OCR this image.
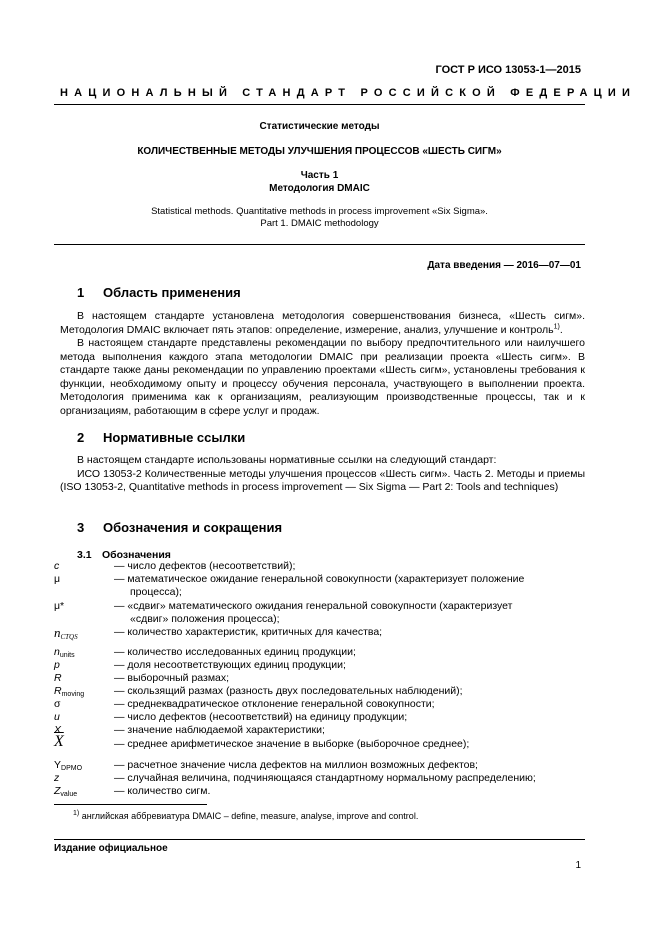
ГОСТ Р ИСО 13053-1—2015
НАЦИОНАЛЬНЫЙ СТАНДАРТ РОССИЙСКОЙ ФЕДЕРАЦИИ
Статистические методы
КОЛИЧЕСТВЕННЫЕ МЕТОДЫ УЛУЧШЕНИЯ ПРОЦЕССОВ «ШЕСТЬ СИГМ»
Часть 1
Методология DMAIC
Statistical methods. Quantitative methods in process improvement «Six Sigma».
Part 1. DMAIC methodology
Дата введения — 2016—07—01
1 Область применения

В настоящем стандарте установлена методология совершенствования бизнеса, «Шесть сигм». Методология DMAIC включает пять этапов: определение, измерение, анализ, улучшение и контроль$^{1)}$.

В настоящем стандарте представлены рекомендации по выбору предпочтительного или наилучшего метода выполнения каждого этапа методологии DMAIC при реализации проекта «Шесть сигм». В стандарте также даны рекомендации по управлению проектами «Шесть сигм», установлены требования к функции, необходимому опыту и процессу обучения персонала, участвующего в выполнении проекта. Методология применима как к организациям, реализующим производственные процессы, так и к организациям, работающим в сфере услуг и продаж.

2 Нормативные ссылки

В настоящем стандарте использованы нормативные ссылки на следующий стандарт:

ИСО 13053-2 Количественные методы улучшения процессов «Шесть сигм». Часть 2. Методы и приемы (ISO 13053-2, Quantitative methods in process improvement — Six Sigma — Part 2: Tools and techniques)

3 Обозначения и сокращения
3.1 Обозначения
c	— число дефектов (несоответствий);
μ	— математическое ожидание генеральной совокупности (характеризует положение
процесса);
μ*	— «сдвиг» математического ожидания генеральной совокупности (характеризует
«сдвиг» положения процесса);
$n_{CTQS}$	— количество характеристик, критичных для качества;
$n_{units}$	— количество исследованных единиц продукции;
p	— доля несоответствующих единиц продукции;
R	— выборочный размах;
$R_{moving}$	— скользящий размах (разность двух последовательных наблюдений);
σ	— среднеквадратическое отклонение генеральной совокупности;
u	— число дефектов (несоответствий) на единицу продукции;
X	— значение наблюдаемой характеристики;
$\overline{X}$	— среднее арифметическое значение в выборке (выборочное среднее);
$Y_{DPMO}$	— расчетное значение числа дефектов на миллион возможных дефектов;
z	— случайная величина, подчиняющаяся стандартному нормальному распределению;
$Z_{value}$	— количество сигм.
$^{1)}$ английская аббревиатура DMAIC – define, measure, analyse, improve and control.
Издание официальное
1
